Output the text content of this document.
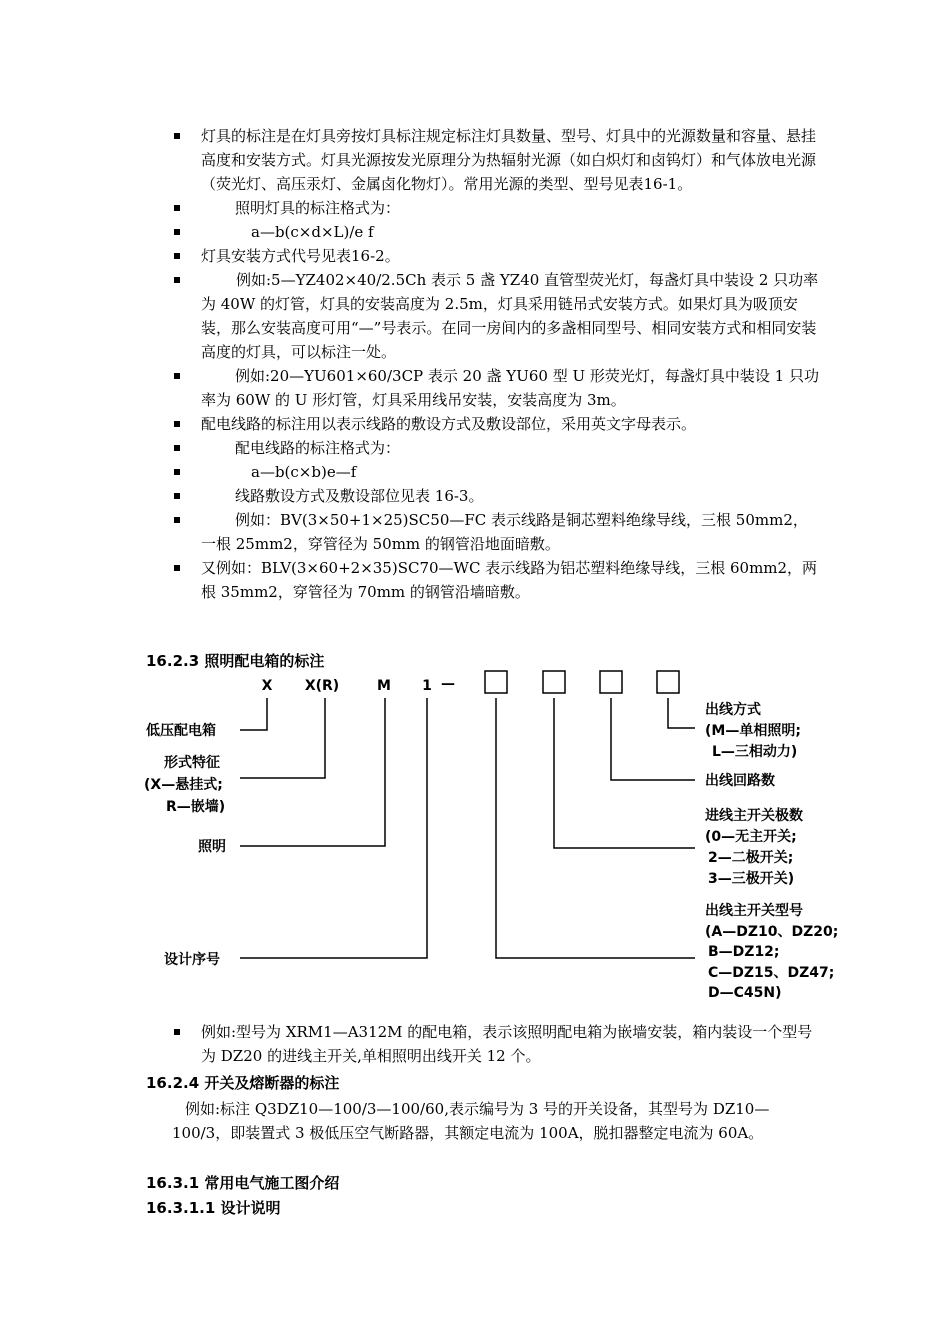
灯具的标注是在灯具旁按灯具标注规定标注灯具数量、型号、灯具中的光源数量和容量、悬挂高度和安装方式。灯具光源按发光原理分为热辐射光源（如白炽灯和卤钨灯）和气体放电光源（荧光灯、高压汞灯、金属卤化物灯）。常用光源的类型、型号见表16-1。
照明灯具的标注格式为：
a—b(c×d×L)/e f
灯具安装方式代号见表16-2。
例如:5—YZ402×40/2.5Ch 表示 5 盏 YZ40 直管型荧光灯，每盏灯具中装设 2 只功率为 40W 的灯管，灯具的安装高度为 2.5m，灯具采用链吊式安装方式。如果灯具为吸顶安装，那么安装高度可用“—”号表示。在同一房间内的多盏相同型号、相同安装方式和相同安装高度的灯具，可以标注一处。
例如:20—YU601×60/3CP 表示 20 盏 YU60 型 U 形荧光灯，每盏灯具中装设 1 只功率为 60W 的 U 形灯管，灯具采用线吊安装，安装高度为 3m。
配电线路的标注用以表示线路的敷设方式及敷设部位，采用英文字母表示。
配电线路的标注格式为：
a—b(c×b)e—f
线路敷设方式及敷设部位见表 16-3。
例如：BV(3×50+1×25)SC50—FC 表示线路是铜芯塑料绝缘导线，三根 50mm2，一根 25mm2，穿管径为 50mm 的钢管沿地面暗敷。
又例如：BLV(3×60+2×35)SC70—WC 表示线路为铝芯塑料绝缘导线，三根 60mm2，两根 35mm2，穿管径为 70mm 的钢管沿墙暗敷。
16.2.3 照明配电箱的标注
X X(R)	M 1 —
低压配电箱
形式特征
(X—悬挂式;
R—嵌墙)
照明
设计序号
出线方式
(M—单相照明;
L—三相动力)
出线回路数
进线主开关极数
(0—无主开关;
2—二极开关;
3—三极开关)
出线主开关型号
(A—DZ10、DZ20;
B—DZ12;
C—DZ15、DZ47;
D—C45N)
例如:型号为 XRM1—A312M 的配电箱，表示该照明配电箱为嵌墙安装，箱内装设一个型号为 DZ20 的进线主开关,单相照明出线开关 12 个。
16.2.4 开关及熔断器的标注
例如:标注 Q3DZ10—100/3—100/60,表示编号为 3 号的开关设备，其型号为 DZ10—100/3，即装置式 3 极低压空气断路器，其额定电流为 100A，脱扣器整定电流为 60A。
16.3.1 常用电气施工图介绍
16.3.1.1 设计说明
